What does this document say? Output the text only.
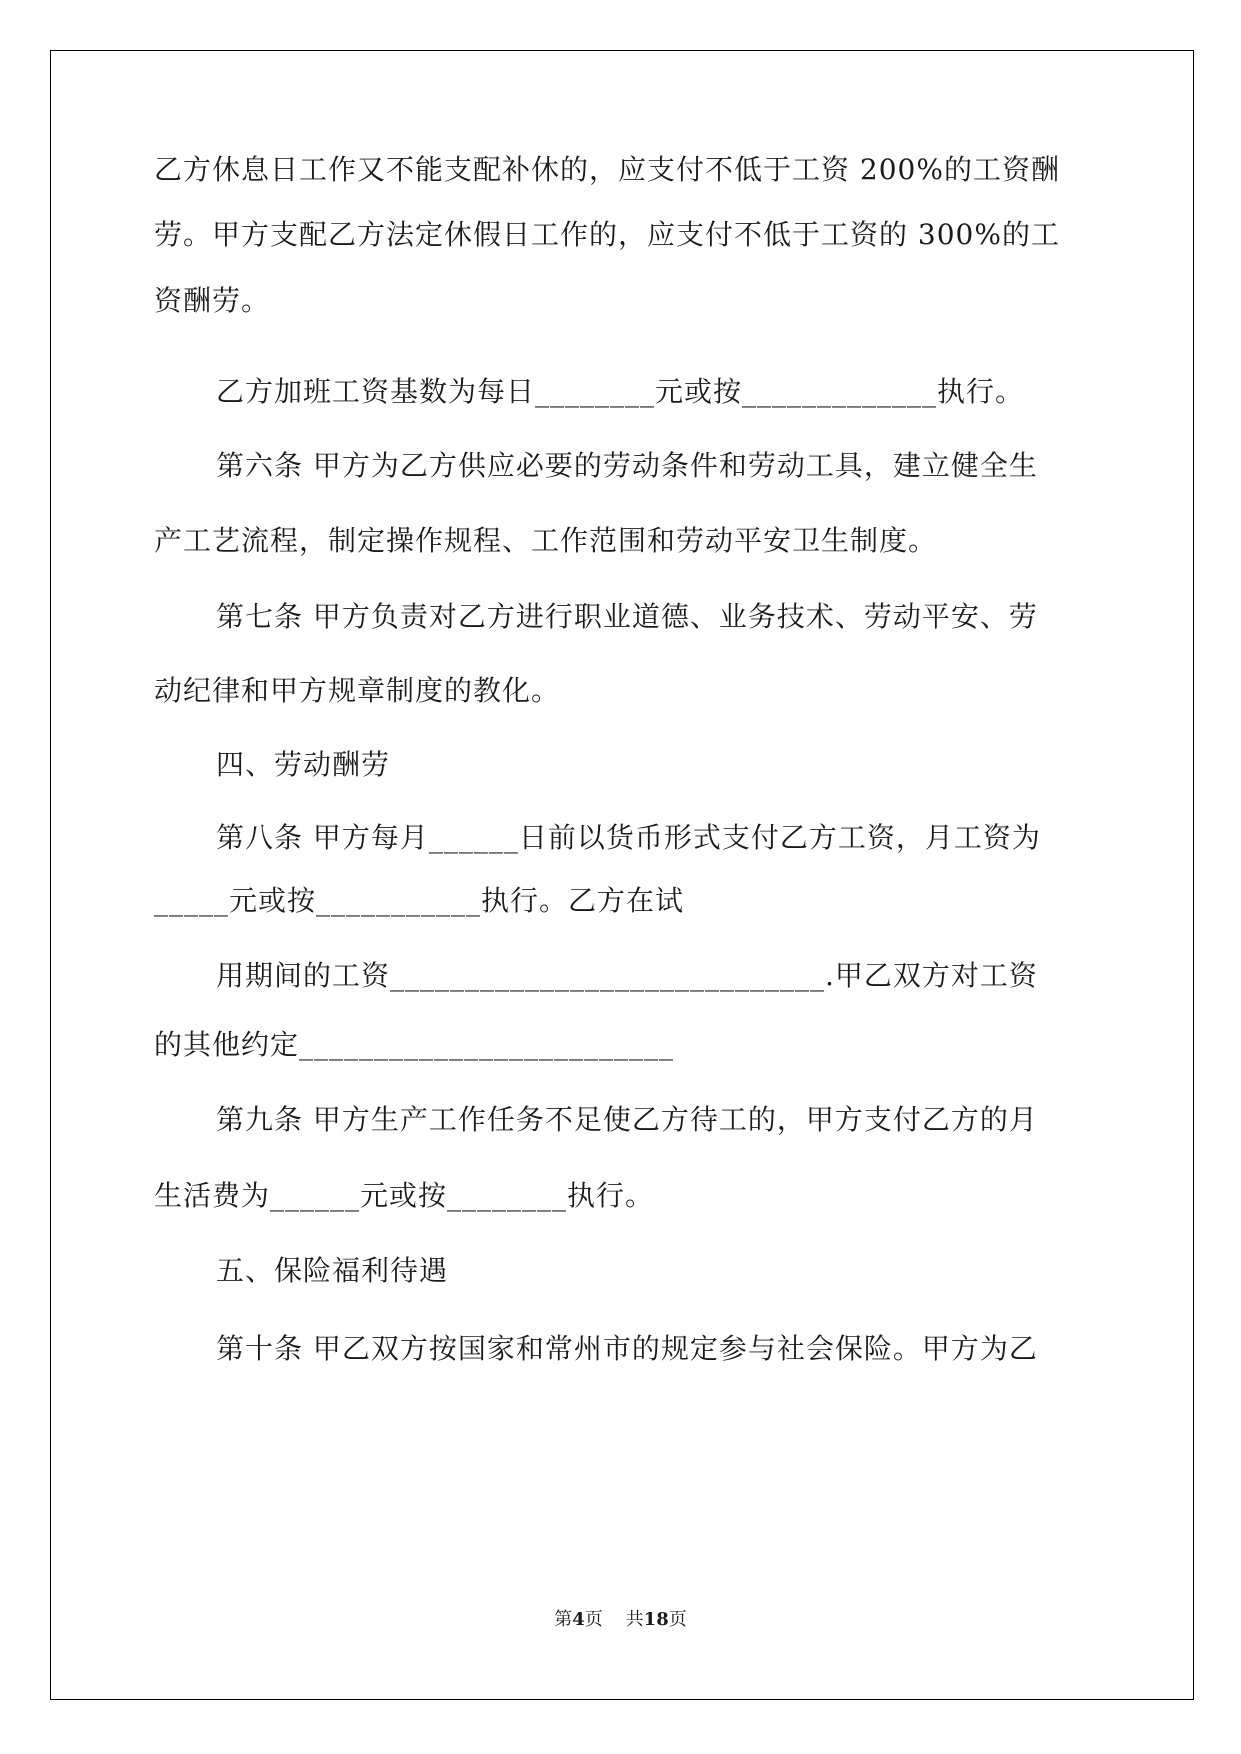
乙方休息日工作又不能支配补休的，应支付不低于工资 200%的工资酬
劳。甲方支配乙方法定休假日工作的，应支付不低于工资的 300%的工
资酬劳。
乙方加班工资基数为每日________元或按_____________执行。
第六条 甲方为乙方供应必要的劳动条件和劳动工具，建立健全生
产工艺流程，制定操作规程、工作范围和劳动平安卫生制度。
第七条 甲方负责对乙方进行职业道德、业务技术、劳动平安、劳
动纪律和甲方规章制度的教化。
四、劳动酬劳
第八条 甲方每月______日前以货币形式支付乙方工资，月工资为
_____元或按___________执行。乙方在试
用期间的工资_____________________________.甲乙双方对工资
的其他约定_________________________
第九条 甲方生产工作任务不足使乙方待工的，甲方支付乙方的月
生活费为______元或按________执行。
五、保险福利待遇
第十条 甲乙双方按国家和常州市的规定参与社会保险。甲方为乙
第4页 共18页
